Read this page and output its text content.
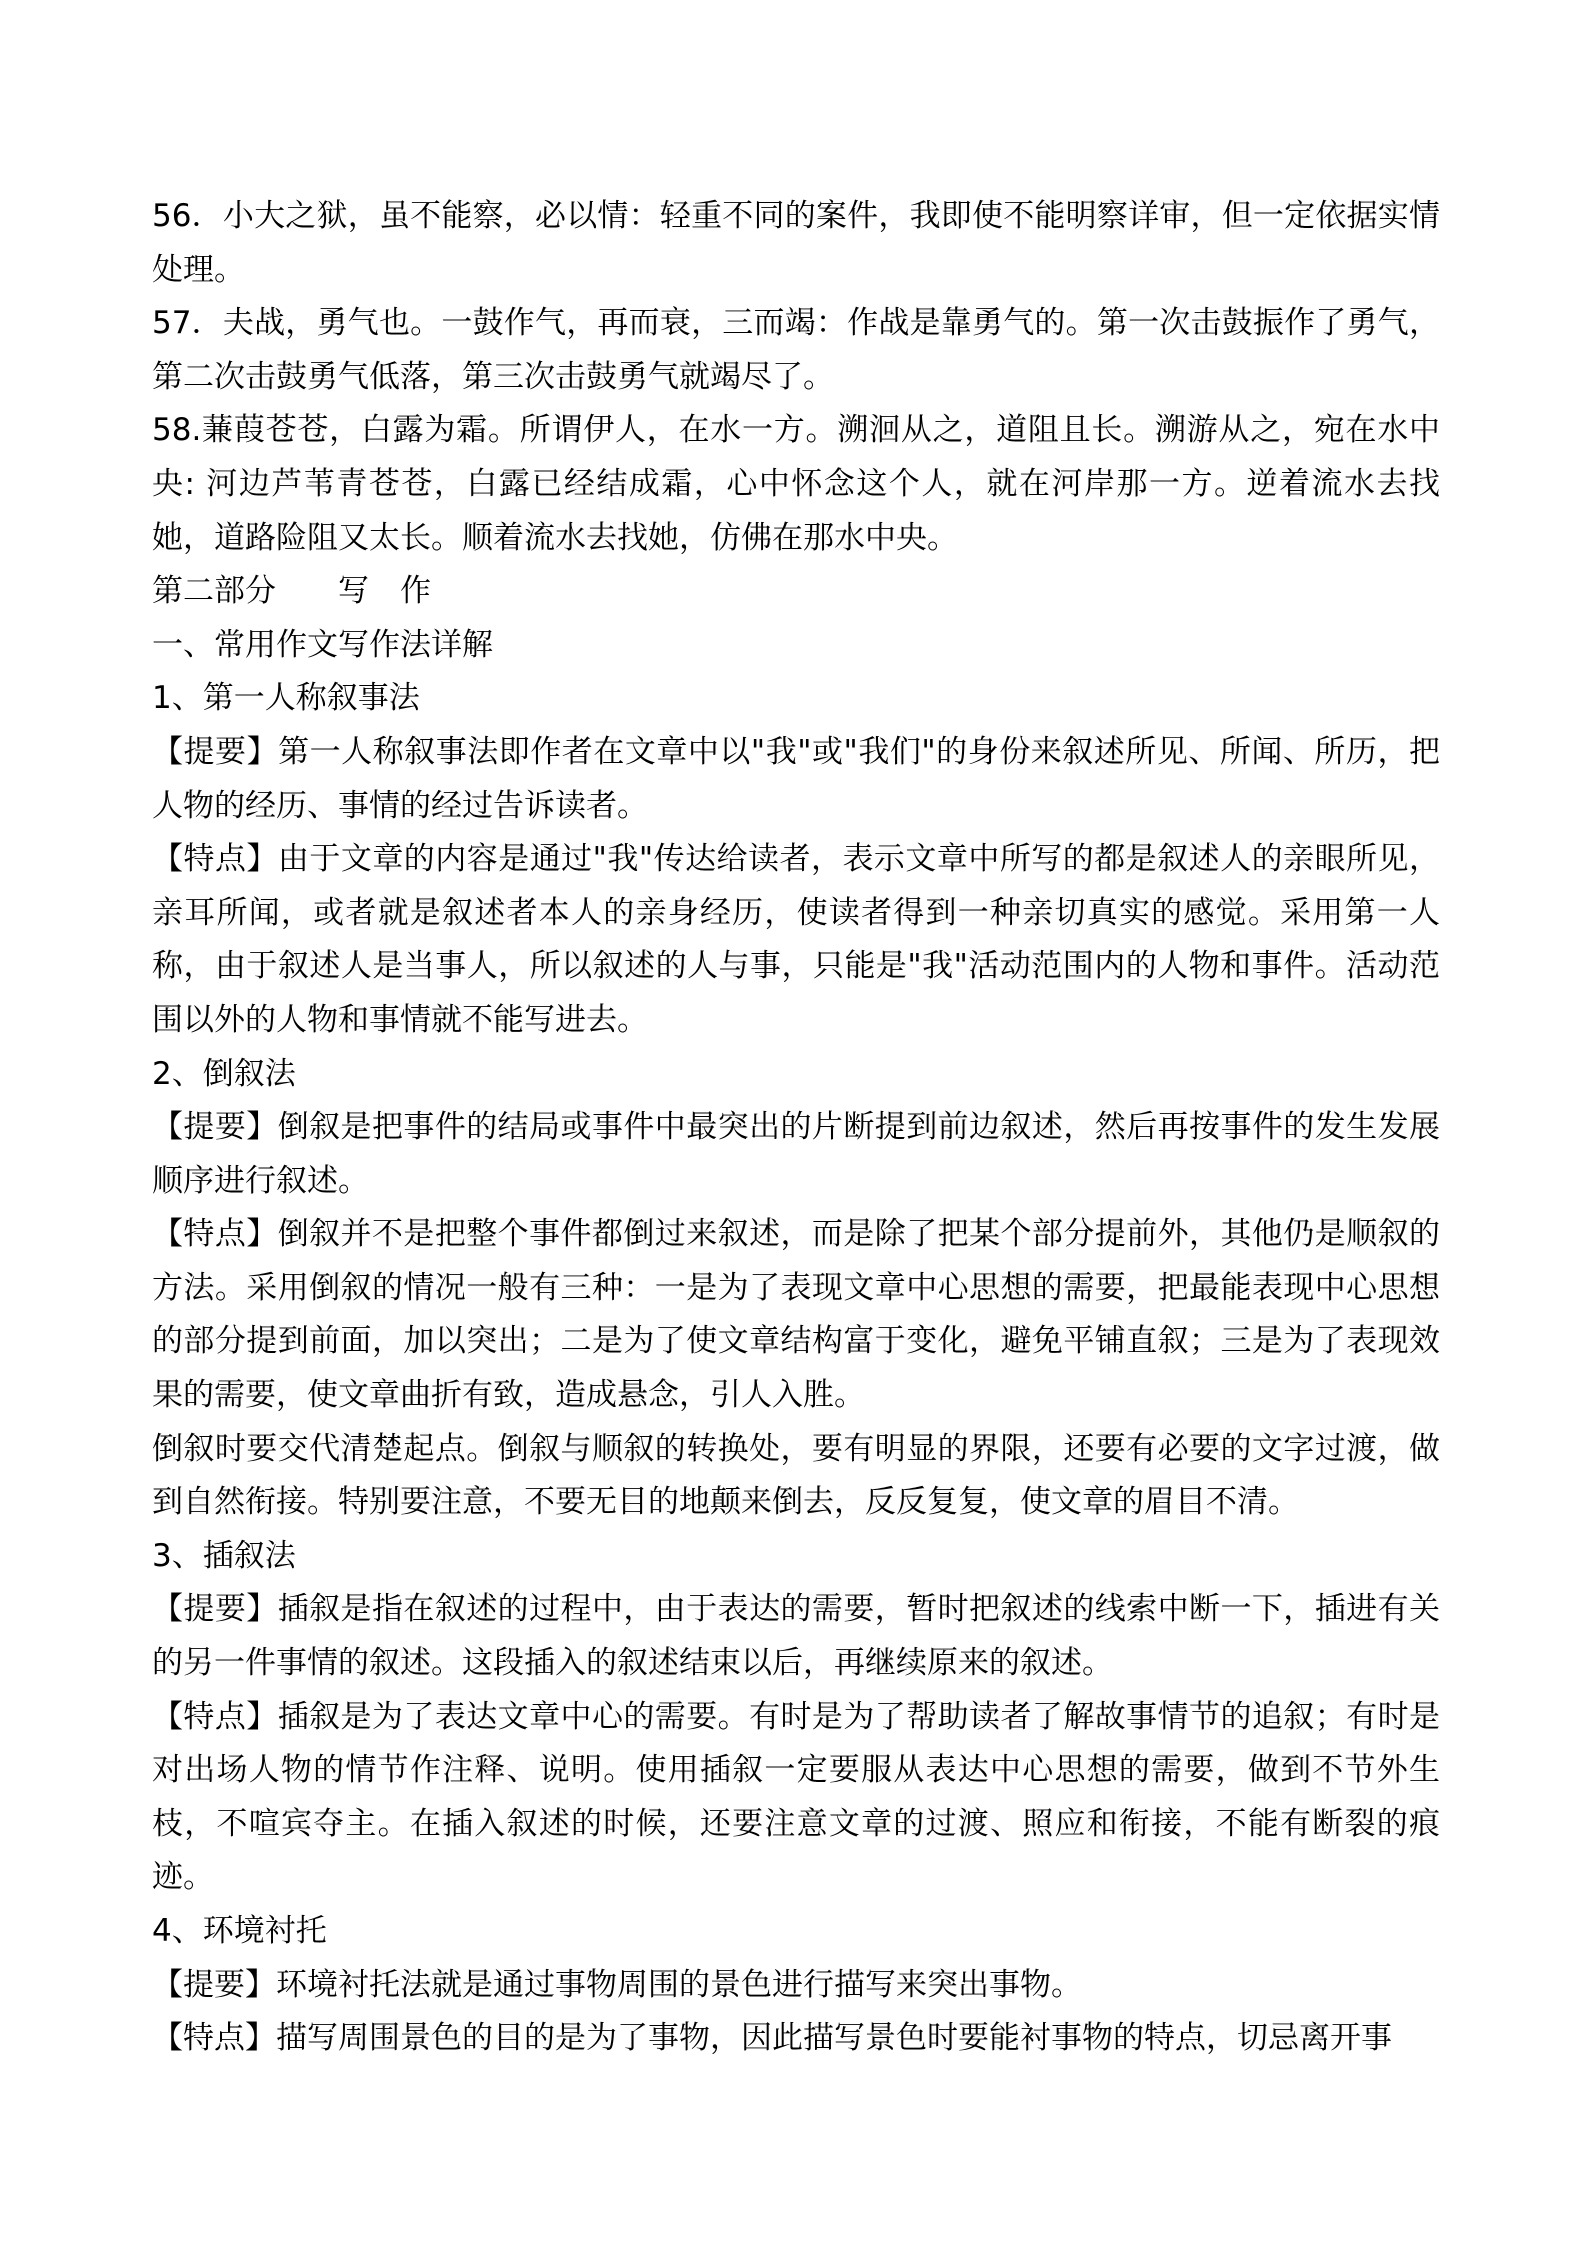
56．小大之狱，虽不能察，必以情：轻重不同的案件，我即使不能明察详审，但一定依据实情处理。

57．夫战，勇气也。一鼓作气，再而衰，三而竭：作战是靠勇气的。第一次击鼓振作了勇气，第二次击鼓勇气低落，第三次击鼓勇气就竭尽了。

58.蒹葭苍苍，白露为霜。所谓伊人，在水一方。溯洄从之，道阻且长。溯游从之，宛在水中央: 河边芦苇青苍苍，白露已经结成霜，心中怀念这个人，就在河岸那一方。逆着流水去找她，道路险阻又太长。顺着流水去找她，仿佛在那水中央。

第二部分　　写　作

一、常用作文写作法详解

1、第一人称叙事法

【提要】第一人称叙事法即作者在文章中以"我"或"我们"的身份来叙述所见、所闻、所历，把人物的经历、事情的经过告诉读者。

【特点】由于文章的内容是通过"我"传达给读者，表示文章中所写的都是叙述人的亲眼所见，亲耳所闻，或者就是叙述者本人的亲身经历，使读者得到一种亲切真实的感觉。采用第一人称，由于叙述人是当事人，所以叙述的人与事，只能是"我"活动范围内的人物和事件。活动范围以外的人物和事情就不能写进去。

2、倒叙法

【提要】倒叙是把事件的结局或事件中最突出的片断提到前边叙述，然后再按事件的发生发展顺序进行叙述。

【特点】倒叙并不是把整个事件都倒过来叙述，而是除了把某个部分提前外，其他仍是顺叙的方法。采用倒叙的情况一般有三种：一是为了表现文章中心思想的需要，把最能表现中心思想的部分提到前面，加以突出；二是为了使文章结构富于变化，避免平铺直叙；三是为了表现效果的需要，使文章曲折有致，造成悬念，引人入胜。

倒叙时要交代清楚起点。倒叙与顺叙的转换处，要有明显的界限，还要有必要的文字过渡，做到自然衔接。特别要注意，不要无目的地颠来倒去，反反复复，使文章的眉目不清。

3、插叙法

【提要】插叙是指在叙述的过程中，由于表达的需要，暂时把叙述的线索中断一下，插进有关的另一件事情的叙述。这段插入的叙述结束以后，再继续原来的叙述。

【特点】插叙是为了表达文章中心的需要。有时是为了帮助读者了解故事情节的追叙；有时是对出场人物的情节作注释、说明。使用插叙一定要服从表达中心思想的需要，做到不节外生枝，不喧宾夺主。在插入叙述的时候，还要注意文章的过渡、照应和衔接，不能有断裂的痕迹。

4、环境衬托

【提要】环境衬托法就是通过事物周围的景色进行描写来突出事物。

【特点】描写周围景色的目的是为了事物，因此描写景色时要能衬事物的特点，切忌离开事
